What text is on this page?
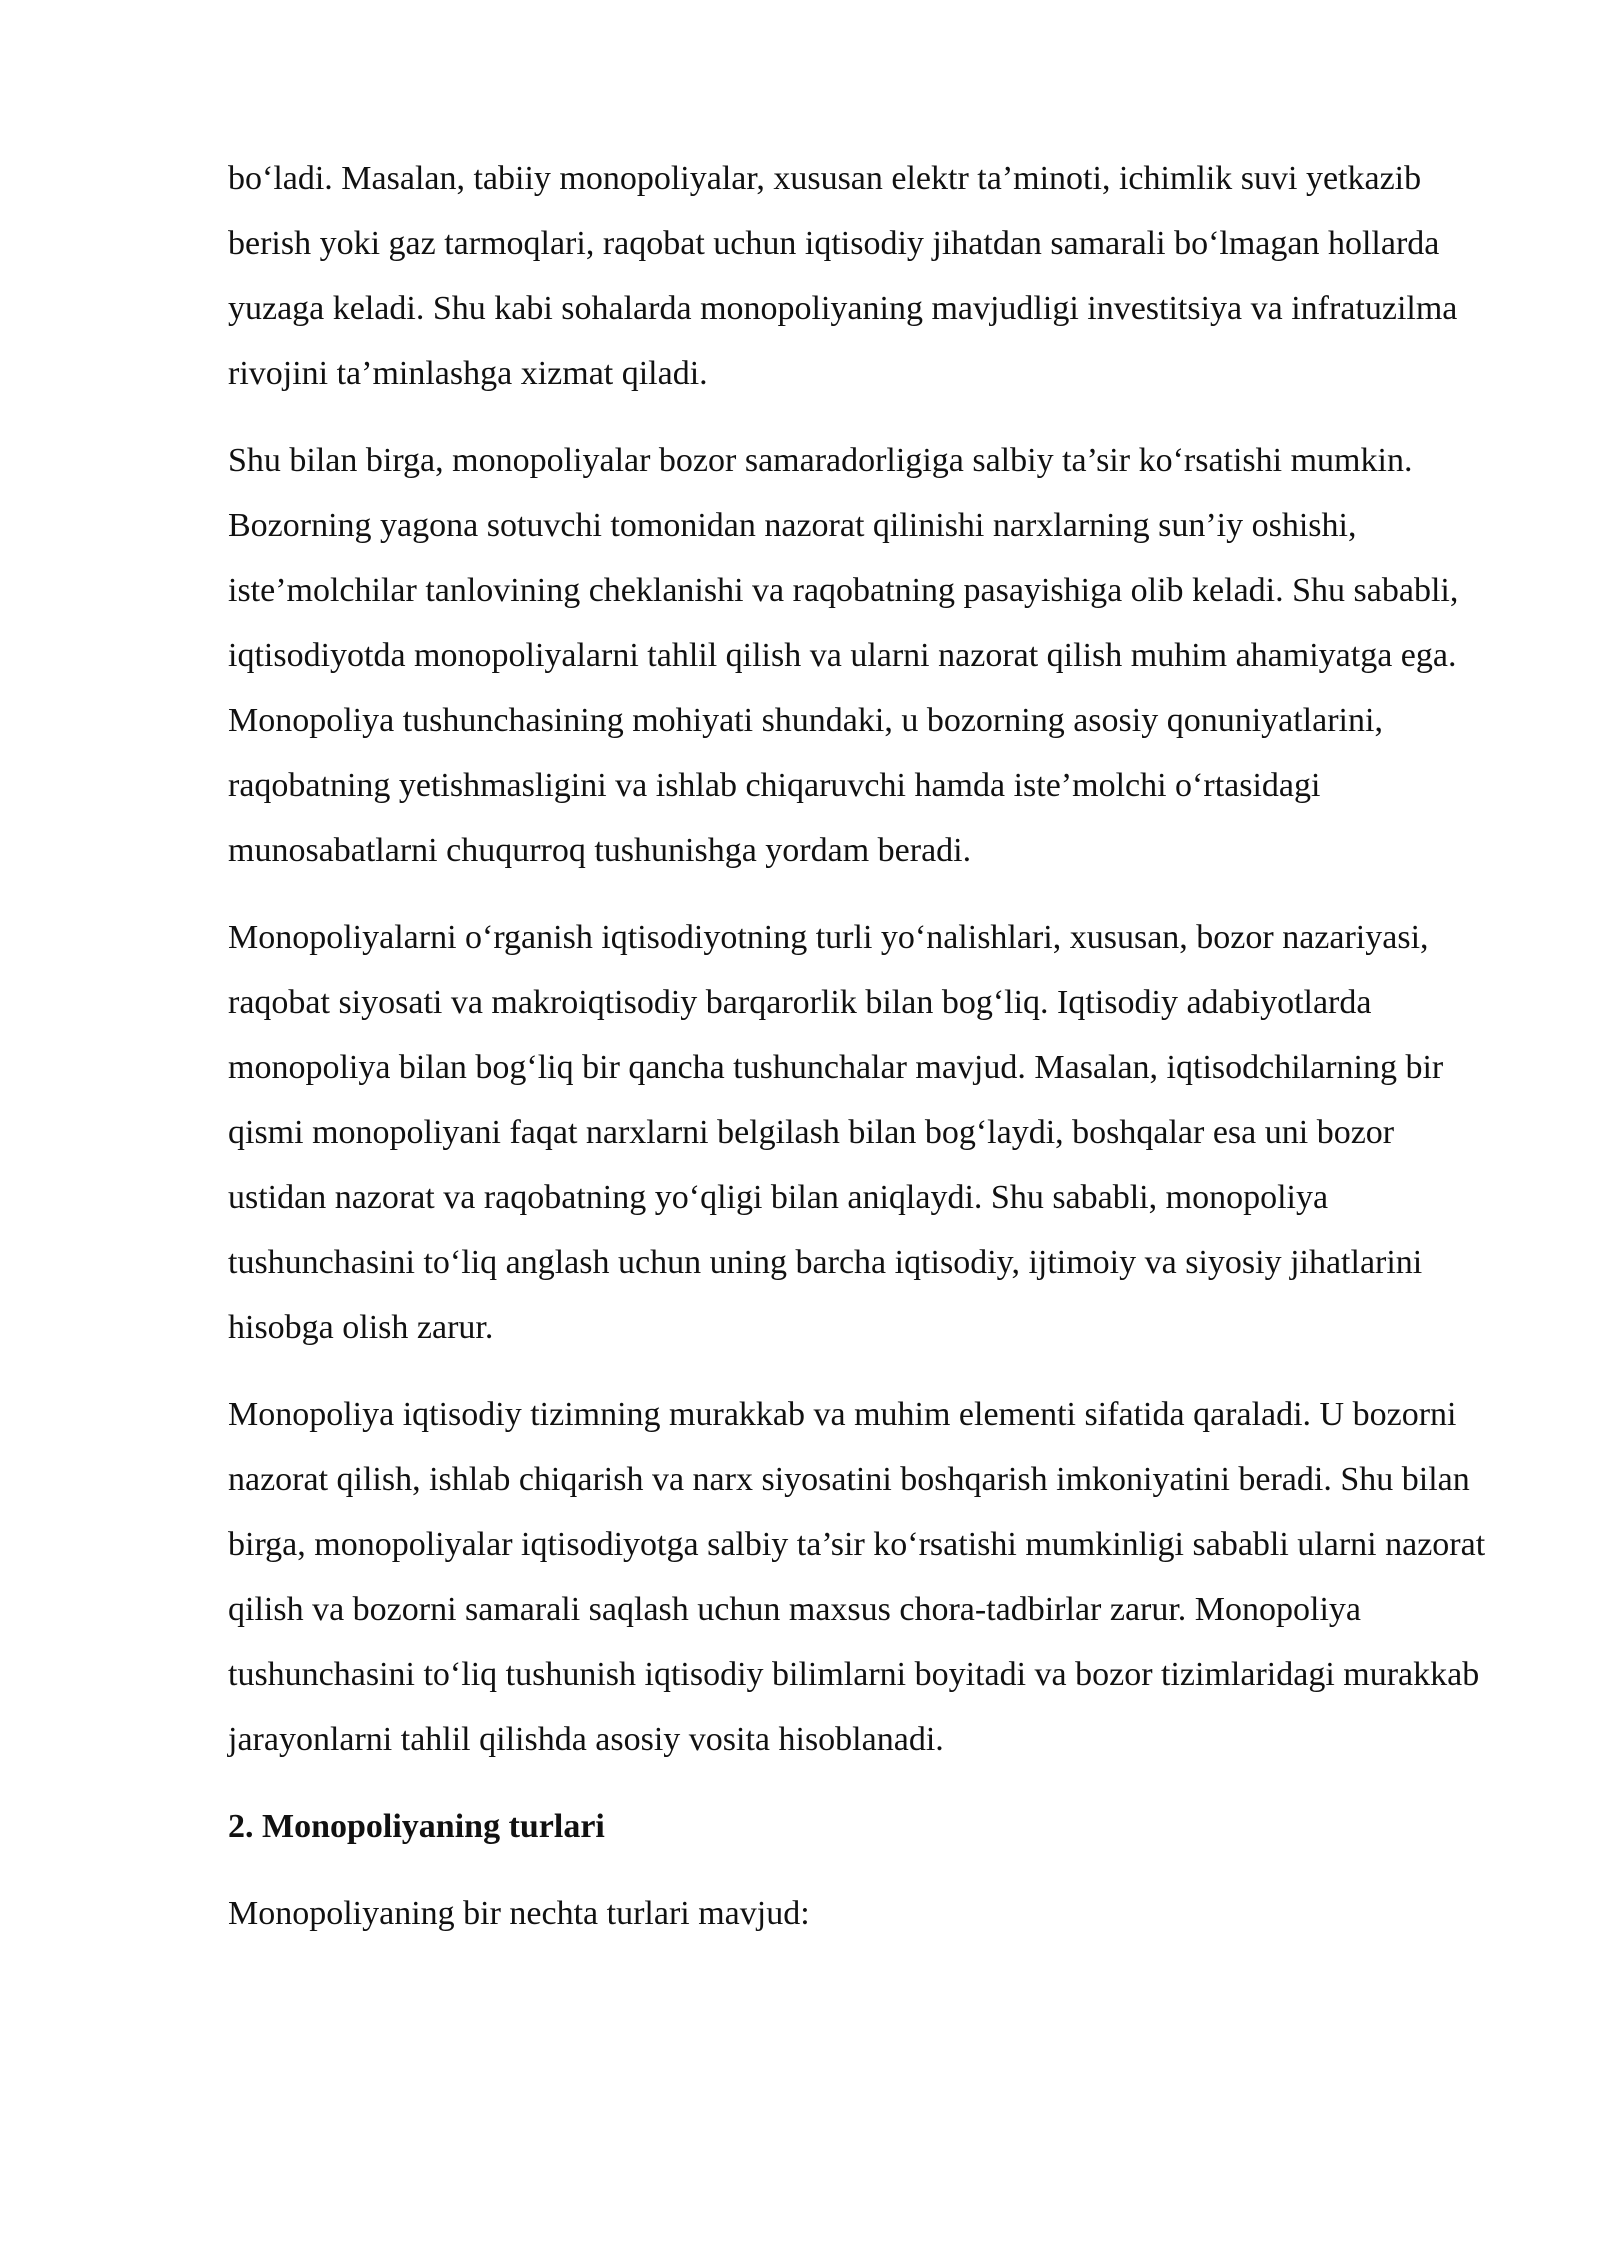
bo‘ladi. Masalan, tabiiy monopoliyalar, xususan elektr ta’minoti, ichimlik suvi yetkazib berish yoki gaz tarmoqlari, raqobat uchun iqtisodiy jihatdan samarali bo‘lmagan hollarda yuzaga keladi. Shu kabi sohalarda monopoliyaning mavjudligi investitsiya va infratuzilma rivojini ta’minlashga xizmat qiladi.

Shu bilan birga, monopoliyalar bozor samaradorligiga salbiy ta’sir ko‘rsatishi mumkin. Bozorning yagona sotuvchi tomonidan nazorat qilinishi narxlarning sun’iy oshishi, iste’molchilar tanlovining cheklanishi va raqobatning pasayishiga olib keladi. Shu sababli, iqtisodiyotda monopoliyalarni tahlil qilish va ularni nazorat qilish muhim ahamiyatga ega. Monopoliya tushunchasining mohiyati shundaki, u bozorning asosiy qonuniyatlarini, raqobatning yetishmasligini va ishlab chiqaruvchi hamda iste’molchi o‘rtasidagi munosabatlarni chuqurroq tushunishga yordam beradi.

Monopoliyalarni o‘rganish iqtisodiyotning turli yo‘nalishlari, xususan, bozor nazariyasi, raqobat siyosati va makroiqtisodiy barqarorlik bilan bog‘liq. Iqtisodiy adabiyotlarda monopoliya bilan bog‘liq bir qancha tushunchalar mavjud. Masalan, iqtisodchilarning bir qismi monopoliyani faqat narxlarni belgilash bilan bog‘laydi, boshqalar esa uni bozor ustidan nazorat va raqobatning yo‘qligi bilan aniqlaydi. Shu sababli, monopoliya tushunchasini to‘liq anglash uchun uning barcha iqtisodiy, ijtimoiy va siyosiy jihatlarini hisobga olish zarur.

Monopoliya iqtisodiy tizimning murakkab va muhim elementi sifatida qaraladi. U bozorni nazorat qilish, ishlab chiqarish va narx siyosatini boshqarish imkoniyatini beradi. Shu bilan birga, monopoliyalar iqtisodiyotga salbiy ta’sir ko‘rsatishi mumkinligi sababli ularni nazorat qilish va bozorni samarali saqlash uchun maxsus chora-tadbirlar zarur. Monopoliya tushunchasini to‘liq tushunish iqtisodiy bilimlarni boyitadi va bozor tizimlaridagi murakkab jarayonlarni tahlil qilishda asosiy vosita hisoblanadi.

2. Monopoliyaning turlari

Monopoliyaning bir nechta turlari mavjud:
